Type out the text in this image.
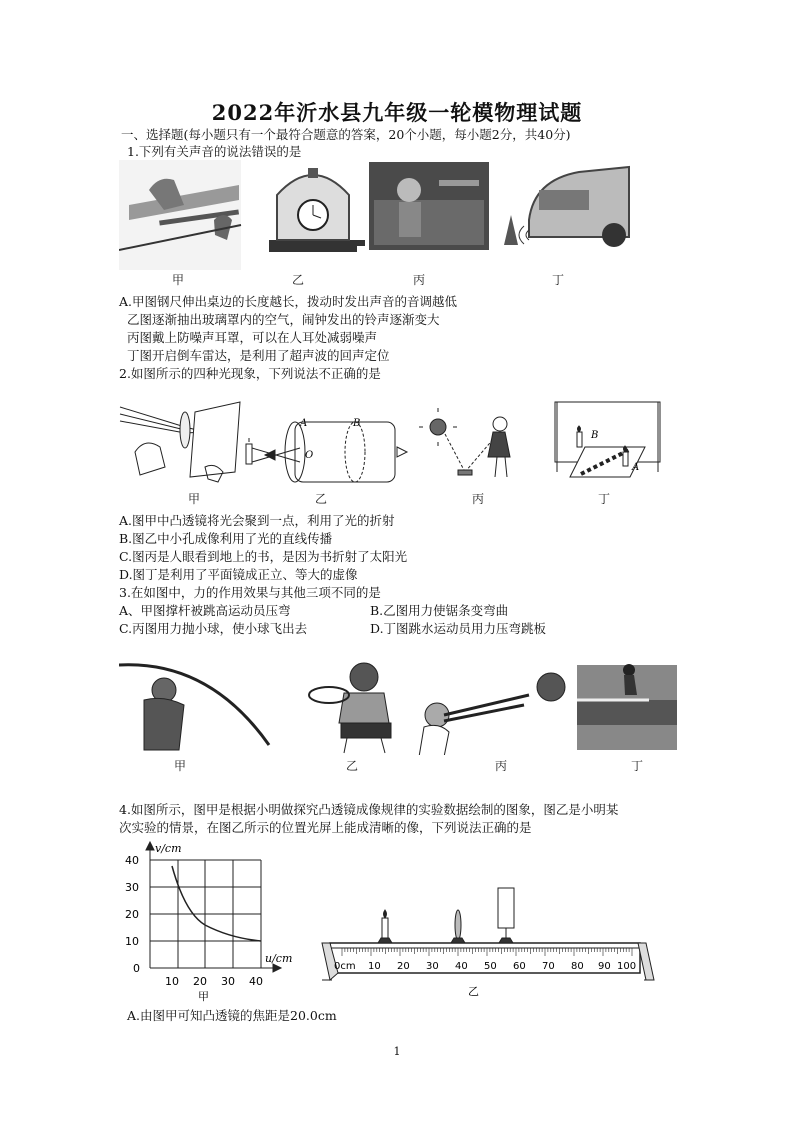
2022年沂水县九年级一轮模物理试题
一、选择题(每小题只有一个最符合题意的答案，20个小题，每小题2分，共40分)
1.下列有关声音的说法错误的是
甲	乙	丙	丁
A.甲图钢尺伸出桌边的长度越长，拨动时发出声音的音调越低
乙图逐渐抽出玻璃罩内的空气，闹钟发出的铃声逐渐变大
丙图戴上防噪声耳罩，可以在人耳处减弱噪声
丁图开启倒车雷达，是利用了超声波的回声定位
2.如图所示的四种光现象，下列说法不正确的是
A	B
O
B
A
甲	乙	丙	丁
A.图甲中凸透镜将光会聚到一点，利用了光的折射
B.图乙中小孔成像利用了光的直线传播
C.图丙是人眼看到地上的书，是因为书折射了太阳光
D.图丁是利用了平面镜成正立、等大的虚像
3.在如图中，力的作用效果与其他三项不同的是
A、甲图撑杆被跳高运动员压弯	B.乙图用力使锯条变弯曲
C.丙图用力抛小球，使小球飞出去	D.丁图跳水运动员用力压弯跳板
甲	乙	丙	丁
4.如图所示，图甲是根据小明做探究凸透镜成像规律的实验数据绘制的图象，图乙是小明某
次实验的情景，在图乙所示的位置光屏上能成清晰的像，下列说法正确的是
v/cm
u/cm
40
30
20
10
0
10 20 30 40
甲
0cm 10 20 30 40 50 60 70 80 90 100
乙
A.由图甲可知凸透镜的焦距是20.0cm
1
